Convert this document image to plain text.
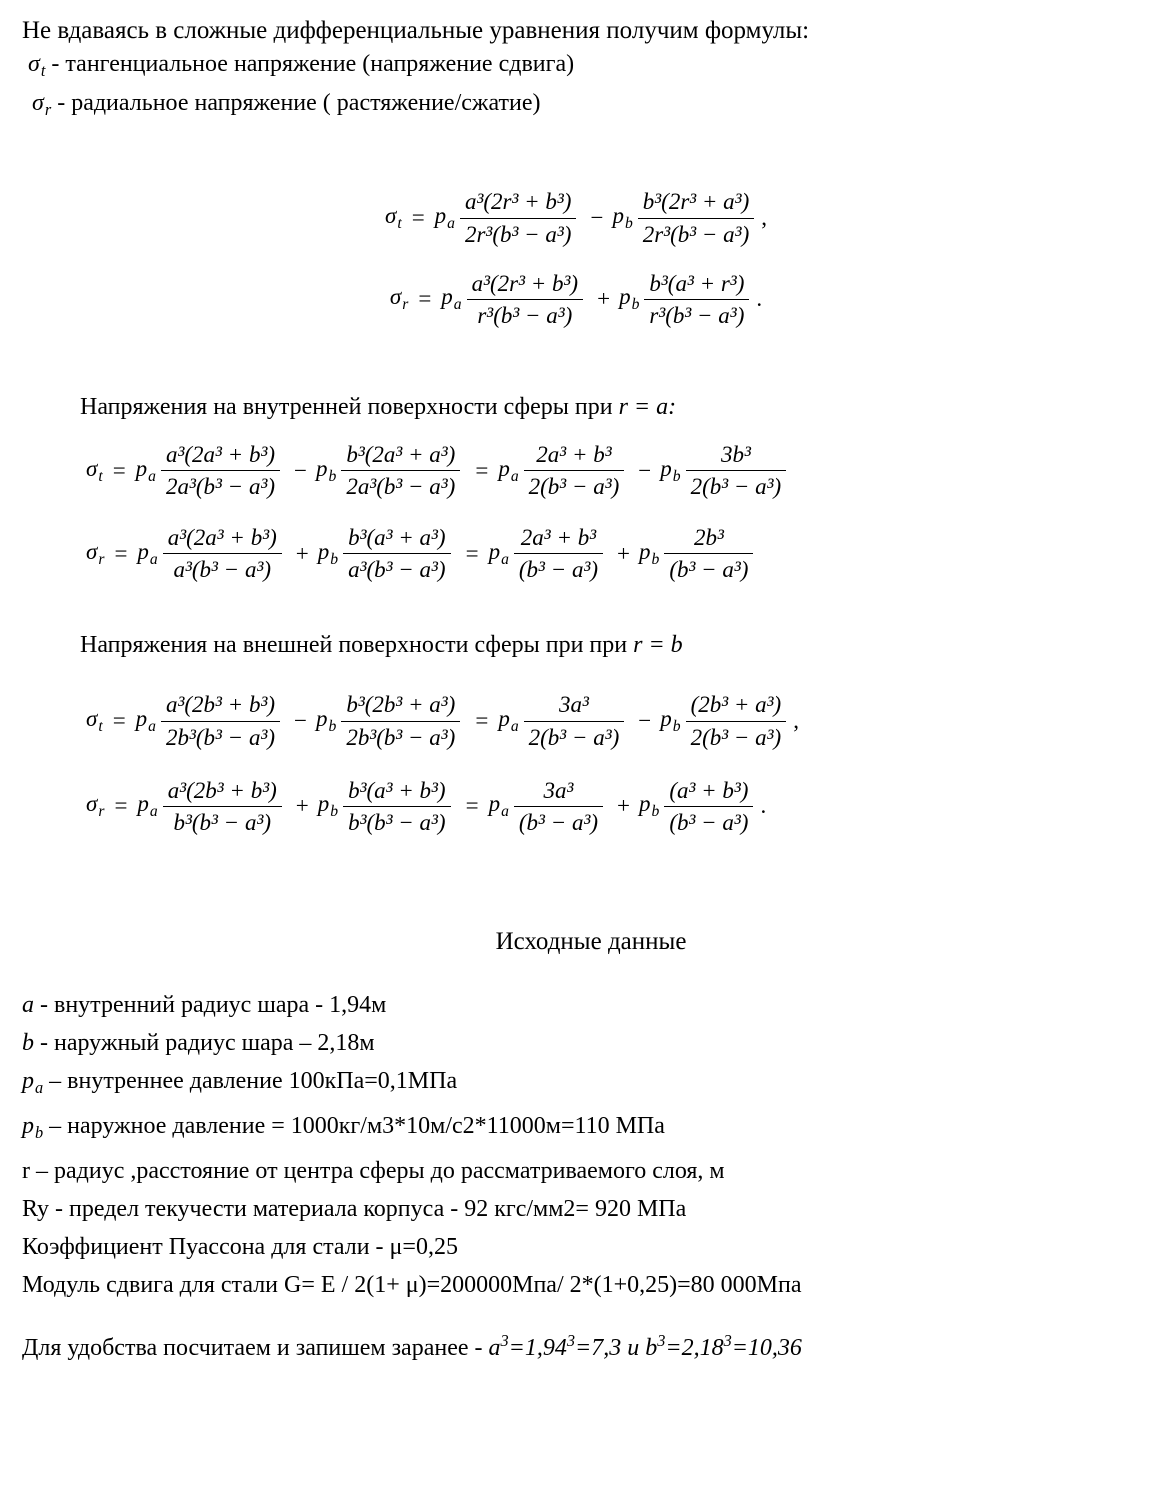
Не вдаваясь в сложные дифференциальные уравнения получим формулы:
$\sigma_t$ - тангенциальное напряжение (напряжение сдвига)
$\sigma_r$ - радиальное напряжение ( растяжение/сжатие)
$\sigma_t = p_a \frac{\text{a³(2r³ + b³)}}{\text{2r³(b³ − a³)}} - p_b \frac{\text{b³(2r³ + a³)}}{\text{2r³(b³ − a³)}}$ ,
$\sigma_r = p_a \frac{\text{a³(2r³ + b³)}}{\text{r³(b³ − a³)}} + p_b \frac{\text{b³(a³ + r³)}}{\text{r³(b³ − a³)}}$ .
Напряжения на внутренней поверхности сферы при r = a:
$\sigma_t = p_a \frac{\text{a³(2a³ + b³)}}{\text{2a³(b³ − a³)}} - p_b \frac{\text{b³(2a³ + a³)}}{\text{2a³(b³ − a³)}} = p_a \frac{\text{2a³ + b³}}{\text{2(b³ − a³)}} - p_b \frac{\text{3b³}}{\text{2(b³ − a³)}}$
$\sigma_r = p_a \frac{\text{a³(2a³ + b³)}}{\text{a³(b³ − a³)}} + p_b \frac{\text{b³(a³ + a³)}}{\text{a³(b³ − a³)}} = p_a \frac{\text{2a³ + b³}}{\text{(b³ − a³)}} + p_b \frac{\text{2b³}}{\text{(b³ − a³)}}$
Напряжения на внешней поверхности сферы при при r = b
$\sigma_t = p_a \frac{\text{a³(2b³ + b³)}}{\text{2b³(b³ − a³)}} - p_b \frac{\text{b³(2b³ + a³)}}{\text{2b³(b³ − a³)}} = p_a \frac{\text{3a³}}{\text{2(b³ − a³)}} - p_b \frac{\text{(2b³ + a³)}}{\text{2(b³ − a³)}}$ ,
$\sigma_r = p_a \frac{\text{a³(2b³ + b³)}}{\text{b³(b³ − a³)}} + p_b \frac{\text{b³(a³ + b³)}}{\text{b³(b³ − a³)}} = p_a \frac{\text{3a³}}{\text{(b³ − a³)}} + p_b \frac{\text{(a³ + b³)}}{\text{(b³ − a³)}}$ .
Исходные данные
a - внутренний радиус шара - 1,94м
b - наружный радиус шара – 2,18м
$p_a$ – внутреннее давление 100кПа=0,1МПа
$p_b$ – наружное давление = 1000кг/м3*10м/с2*11000м=110 МПа
r – радиус ,расстояние от центра сферы до рассматриваемого слоя, м
Ry - предел текучести материала корпуса - 92 кгс/мм2= 920 МПа
Коэффициент Пуассона для стали - μ=0,25
Модуль сдвига для стали G= E / 2(1+ μ)=200000Мпа/ 2*(1+0,25)=80 000Мпа
Для удобства посчитаем и запишем заранее - $a^3=1,94^3=7,3$ и $b^3=2,18^3=10,36$
